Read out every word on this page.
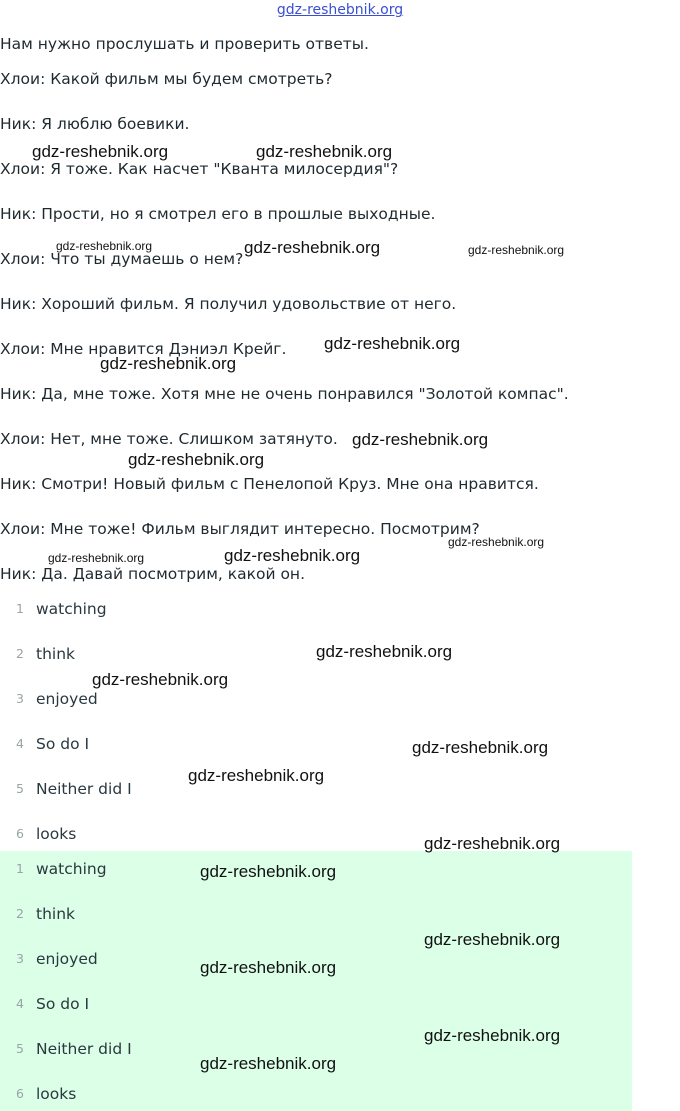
gdz-reshebnik.org
Нам нужно прослушать и проверить ответы.
Хлои: Какой фильм мы будем смотреть?
Ник: Я люблю боевики.
Хлои: Я тоже. Как насчет "Кванта милосердия"?
Ник: Прости, но я смотрел его в прошлые выходные.
Хлои: Что ты думаешь о нем?
Ник: Хороший фильм. Я получил удовольствие от него.
Хлои: Мне нравится Дэниэл Крейг.
Ник: Да, мне тоже. Хотя мне не очень понравился "Золотой компас".
Хлои: Нет, мне тоже. Слишком затянуто.
Ник: Смотри! Новый фильм с Пенелопой Круз. Мне она нравится.
Хлои: Мне тоже! Фильм выглядит интересно. Посмотрим?
Ник: Да. Давай посмотрим, какой он.
1 watching
2 think
3 enjoyed
4 So do I
5 Neither did I
6 looks
1 watching
2 think
3 enjoyed
4 So do I
5 Neither did I
6 looks
gdz-reshebnik.org	gdz-reshebnik.org
gdz-reshebnik.org	gdz-reshebnik.org	gdz-reshebnik.org
gdz-reshebnik.org
gdz-reshebnik.org
gdz-reshebnik.org
gdz-reshebnik.org
gdz-reshebnik.org
gdz-reshebnik.org	gdz-reshebnik.org
gdz-reshebnik.org
gdz-reshebnik.org
gdz-reshebnik.org
gdz-reshebnik.org
gdz-reshebnik.org
gdz-reshebnik.org
gdz-reshebnik.org
gdz-reshebnik.org
gdz-reshebnik.org
gdz-reshebnik.org
